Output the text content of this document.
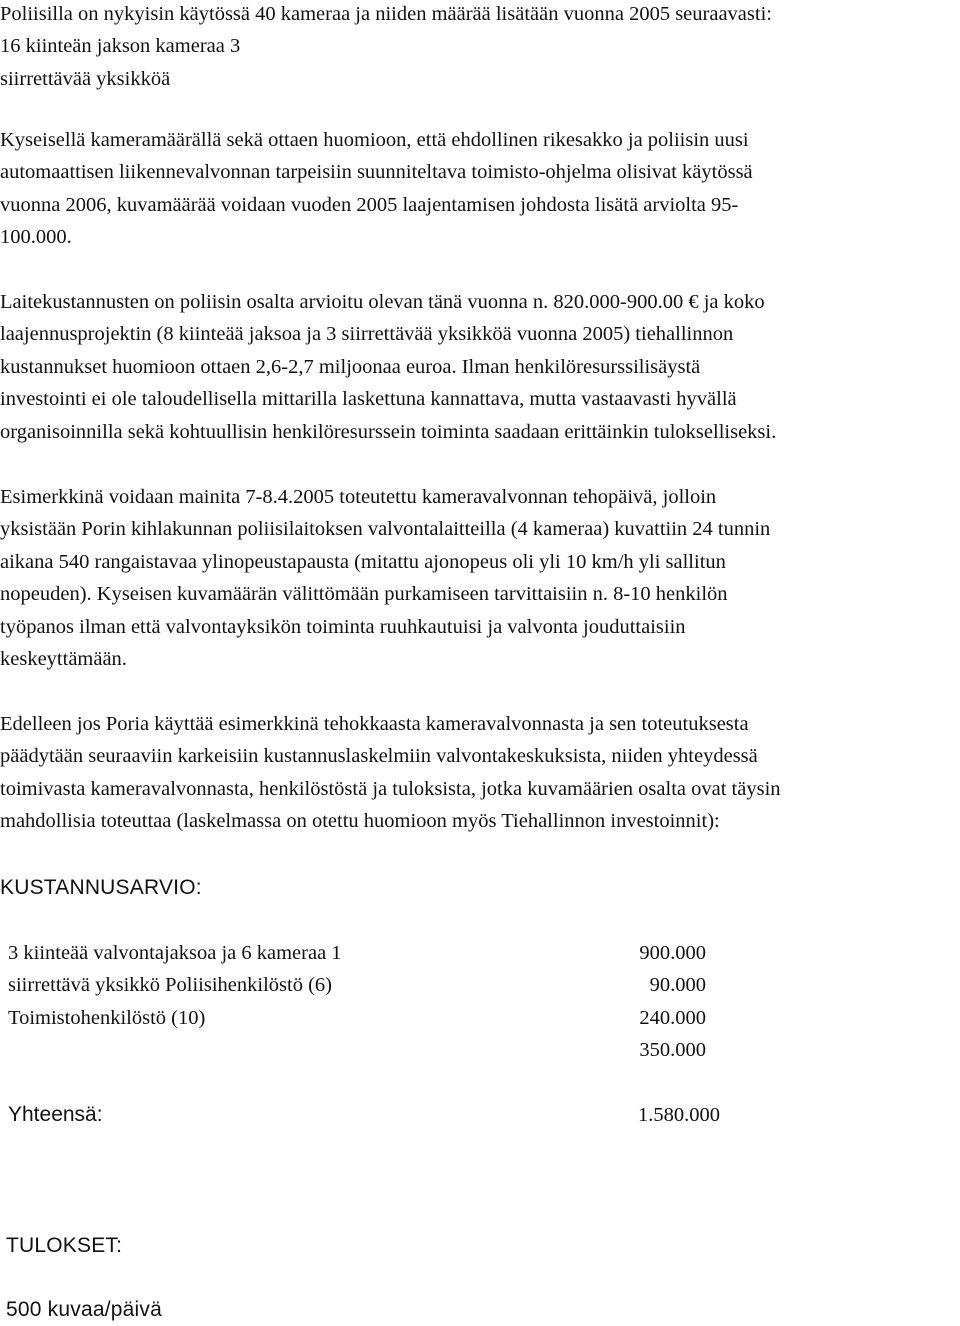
Poliisilla on nykyisin käytössä 40 kameraa ja niiden määrää lisätään vuonna 2005 seuraavasti:
16 kiinteän jakson kameraa 3
siirrettävää yksikköä

Kyseisellä kameramäärällä sekä ottaen huomioon, että ehdollinen rikesakko ja poliisin uusi
automaattisen liikennevalvonnan tarpeisiin suunniteltava toimisto-ohjelma olisivat käytössä
vuonna 2006, kuvamäärää voidaan vuoden 2005 laajentamisen johdosta lisätä arviolta 95-
100.000.

Laitekustannusten on poliisin osalta arvioitu olevan tänä vuonna n. 820.000-900.00 € ja koko
laajennusprojektin (8 kiinteää jaksoa ja 3 siirrettävää yksikköä vuonna 2005) tiehallinnon
kustannukset huomioon ottaen 2,6-2,7 miljoonaa euroa. Ilman henkilöresurssilisäystä
investointi ei ole taloudellisella mittarilla laskettuna kannattava, mutta vastaavasti hyvällä
organisoinnilla sekä kohtuullisin henkilöresurssein toiminta saadaan erittäinkin tulokselliseksi.

Esimerkkinä voidaan mainita 7-8.4.2005 toteutettu kameravalvonnan tehopäivä, jolloin
yksistään Porin kihlakunnan poliisilaitoksen valvontalaitteilla (4 kameraa) kuvattiin 24 tunnin
aikana 540 rangaistavaa ylinopeustapausta (mitattu ajonopeus oli yli 10 km/h yli sallitun
nopeuden). Kyseisen kuvamäärän välittömään purkamiseen tarvittaisiin n. 8-10 henkilön
työpanos ilman että valvontayksikön toiminta ruuhkautuisi ja valvonta jouduttaisiin
keskeyttämään.

Edelleen jos Poria käyttää esimerkkinä tehokkaasta kameravalvonnasta ja sen toteutuksesta
päädytään seuraaviin karkeisiin kustannuslaskelmiin valvontakeskuksista, niiden yhteydessä
toimivasta kameravalvonnasta, henkilöstöstä ja tuloksista, jotka kuvamäärien osalta ovat täysin
mahdollisia toteuttaa (laskelmassa on otettu huomioon myös Tiehallinnon investoinnit):

KUSTANNUSARVIO:
3 kiinteää valvontajaksoa ja 6 kameraa 1	900.000
siirrettävä yksikkö Poliisihenkilöstö (6)	90.000
Toimistohenkilöstö (10)	240.000
350.000
Yhteensä:	1.580.000
TULOKSET:
500 kuvaa/päivä
